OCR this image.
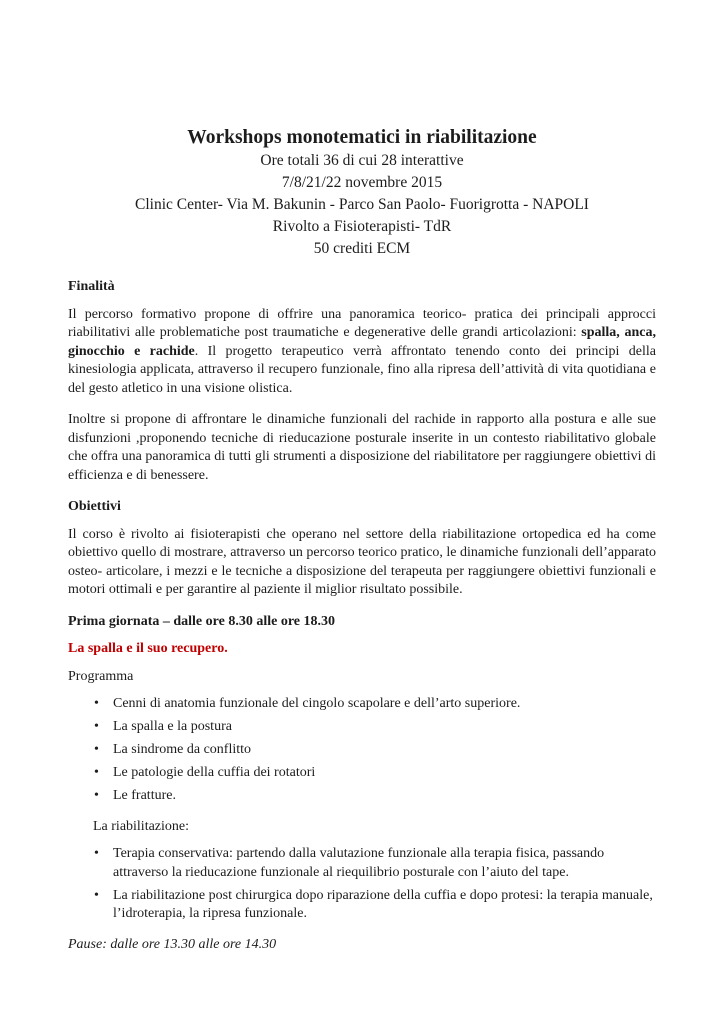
Workshops monotematici in riabilitazione
Ore totali 36 di cui 28 interattive
7/8/21/22 novembre 2015
Clinic Center- Via M. Bakunin - Parco San Paolo- Fuorigrotta - NAPOLI
Rivolto a Fisioterapisti- TdR
50 crediti ECM
Finalità

Il percorso formativo propone di offrire una panoramica teorico- pratica dei principali approcci riabilitativi alle problematiche post traumatiche e degenerative delle grandi articolazioni: spalla, anca, ginocchio e rachide. Il progetto terapeutico verrà affrontato tenendo conto dei principi della kinesiologia applicata, attraverso il recupero funzionale, fino alla ripresa dell’attività di vita quotidiana e del gesto atletico in una visione olistica.

Inoltre si propone di affrontare le dinamiche funzionali del rachide in rapporto alla postura e alle sue disfunzioni ,proponendo tecniche di rieducazione posturale inserite in un contesto riabilitativo globale che offra una panoramica di tutti gli strumenti a disposizione del riabilitatore per raggiungere obiettivi di efficienza e di benessere.

Obiettivi

Il corso è rivolto ai fisioterapisti che operano nel settore della riabilitazione ortopedica ed ha come obiettivo quello di mostrare, attraverso un percorso teorico pratico, le dinamiche funzionali dell’apparato osteo- articolare, i mezzi e le tecniche a disposizione del terapeuta per raggiungere obiettivi funzionali e motori ottimali e per garantire al paziente il miglior risultato possibile.

Prima giornata – dalle ore 8.30 alle ore 18.30
La spalla e il suo recupero.
Programma
• Cenni di anatomia funzionale del cingolo scapolare e dell’arto superiore.
• La spalla e la postura
• La sindrome da conflitto
• Le patologie della cuffia dei rotatori
• Le fratture.
La riabilitazione:
• Terapia conservativa: partendo dalla valutazione funzionale alla terapia fisica, passando attraverso la rieducazione funzionale al riequilibrio posturale con l’aiuto del tape.
• La riabilitazione post chirurgica dopo riparazione della cuffia e dopo protesi: la terapia manuale, l’idroterapia, la ripresa funzionale.
Pause: dalle ore 13.30 alle ore 14.30
